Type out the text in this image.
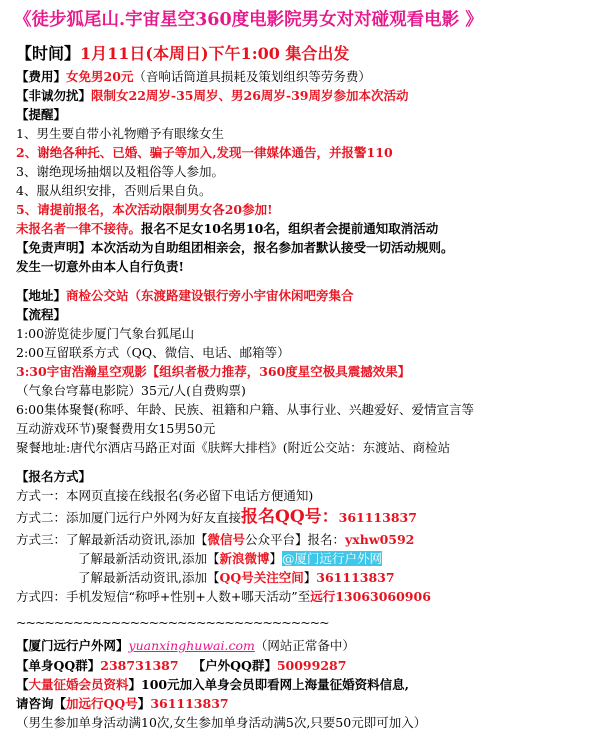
《徒步狐尾山.宇宙星空360度电影院男女对对碰观看电影 》
【时间】1月11日(本周日)下午1:00 集合出发
【费用】女免男20元（音响话筒道具损耗及策划组织等劳务费）
【非诚勿扰】限制女22周岁-35周岁、男26周岁-39周岁参加本次活动
【提醒】
1、男生要自带小礼物赠予有眼缘女生
2、谢绝各种托、已婚、骗子等加入,发现一律媒体通告，并报警110
3、谢绝现场抽烟以及粗俗等人参加。
4、服从组织安排，否则后果自负。
5、请提前报名，本次活动限制男女各20参加!
未报名者一律不接待。报名不足女10名男10名，组织者会提前通知取消活动
【免责声明】本次活动为自助组团相亲会，报名参加者默认接受一切活动规则。
发生一切意外由本人自行负责!
【地址】商检公交站（东渡路建设银行旁小宇宙休闲吧旁集合
【流程】
1:00游览徒步厦门气象台狐尾山
2:00互留联系方式（QQ、微信、电话、邮箱等）
3:30宇宙浩瀚星空观影【组织者极力推荐，360度星空极具震撼效果】
（气象台穹幕电影院）35元/人(自费购票)
6:00集体聚餐(称呼、年龄、民族、祖籍和户籍、从事行业、兴趣爱好、爱情宣言等
互动游戏环节)聚餐费用女15男50元
聚餐地址:唐代尔酒店马路正对面《肤辉大排档》(附近公交站：东渡站、商检站
【报名方式】
方式一：本网页直接在线报名(务必留下电话方便通知)
方式二：添加厦门远行户外网为好友直接报名QQ号：361113837
方式三：了解最新活动资讯,添加【微信号公众平台】报名：yxhw0592
了解最新活动资讯,添加【新浪微博】@厦门远行户外网
了解最新活动资讯,添加【QQ号关注空间】361113837
方式四：手机发短信“称呼+性别+人数+哪天活动”至远行13063060906
~~~~~~~~~~~~~~~~~~~~~~~~~~~~~~~~~
【厦门远行户外网】yuanxinghuwai.com（网站正常备中）
【单身QQ群】238731387 【户外QQ群】50099287
【大量征婚会员资料】100元加入单身会员即看网上海量征婚资料信息,
请咨询【加远行QQ号】361113837
（男生参加单身活动满10次,女生参加单身活动满5次,只要50元即可加入）
